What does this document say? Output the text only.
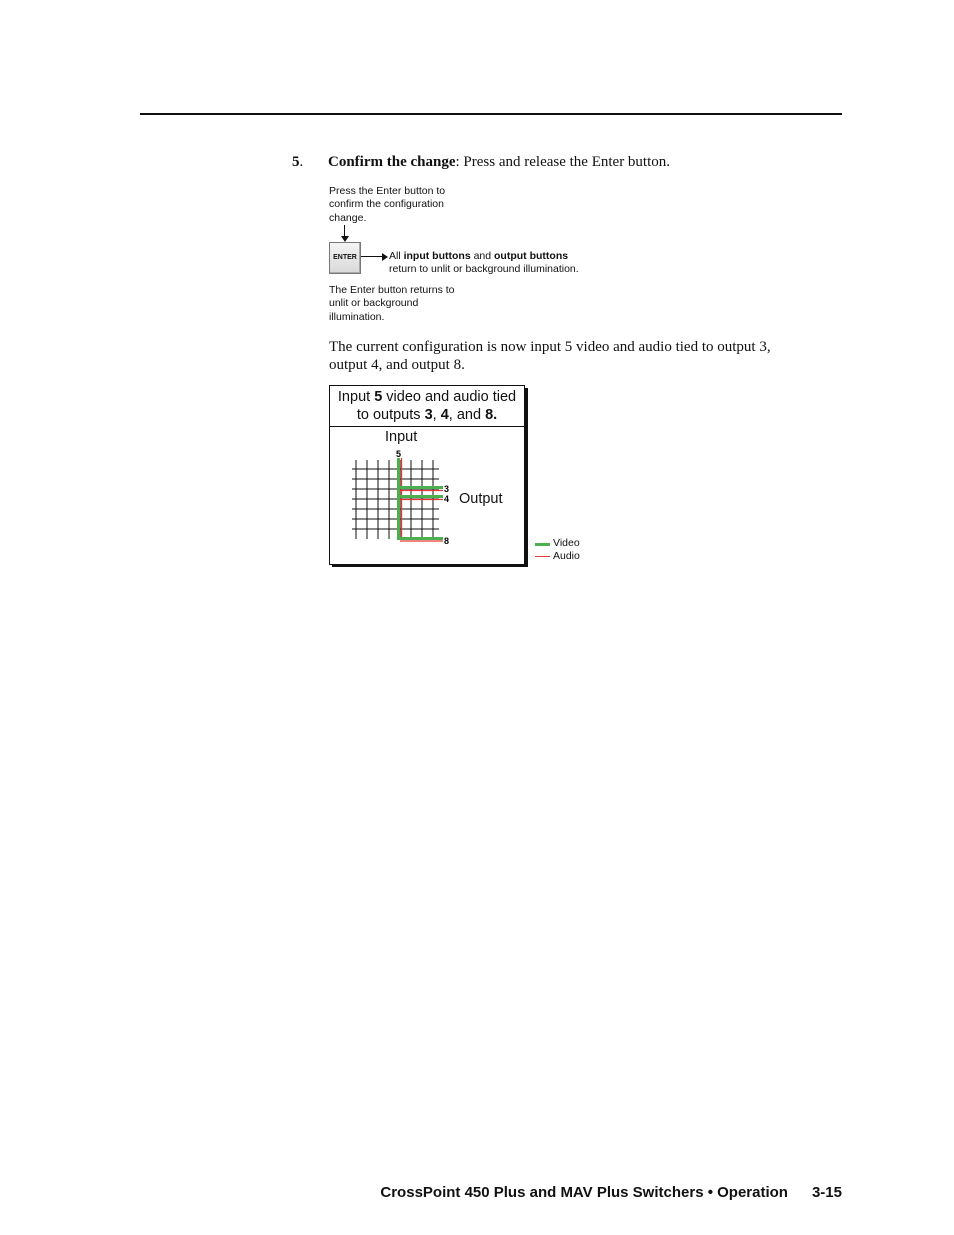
5. Confirm the change: Press and release the Enter button.
Press the Enter button to
confirm the configuration
change.
ENTER	All input buttons and output buttons
return to unlit or background illumination.
The Enter button returns to
unlit or background
illumination.
The current configuration is now input 5 video and audio tied to output 3,
output 4, and output 8.
Input 5 video and audio tied
to outputs 3, 4, and 8.
Input
Output
5
3
4
8	Video
Audio
CrossPoint 450 Plus and MAV Plus Switchers • Operation 3-15
